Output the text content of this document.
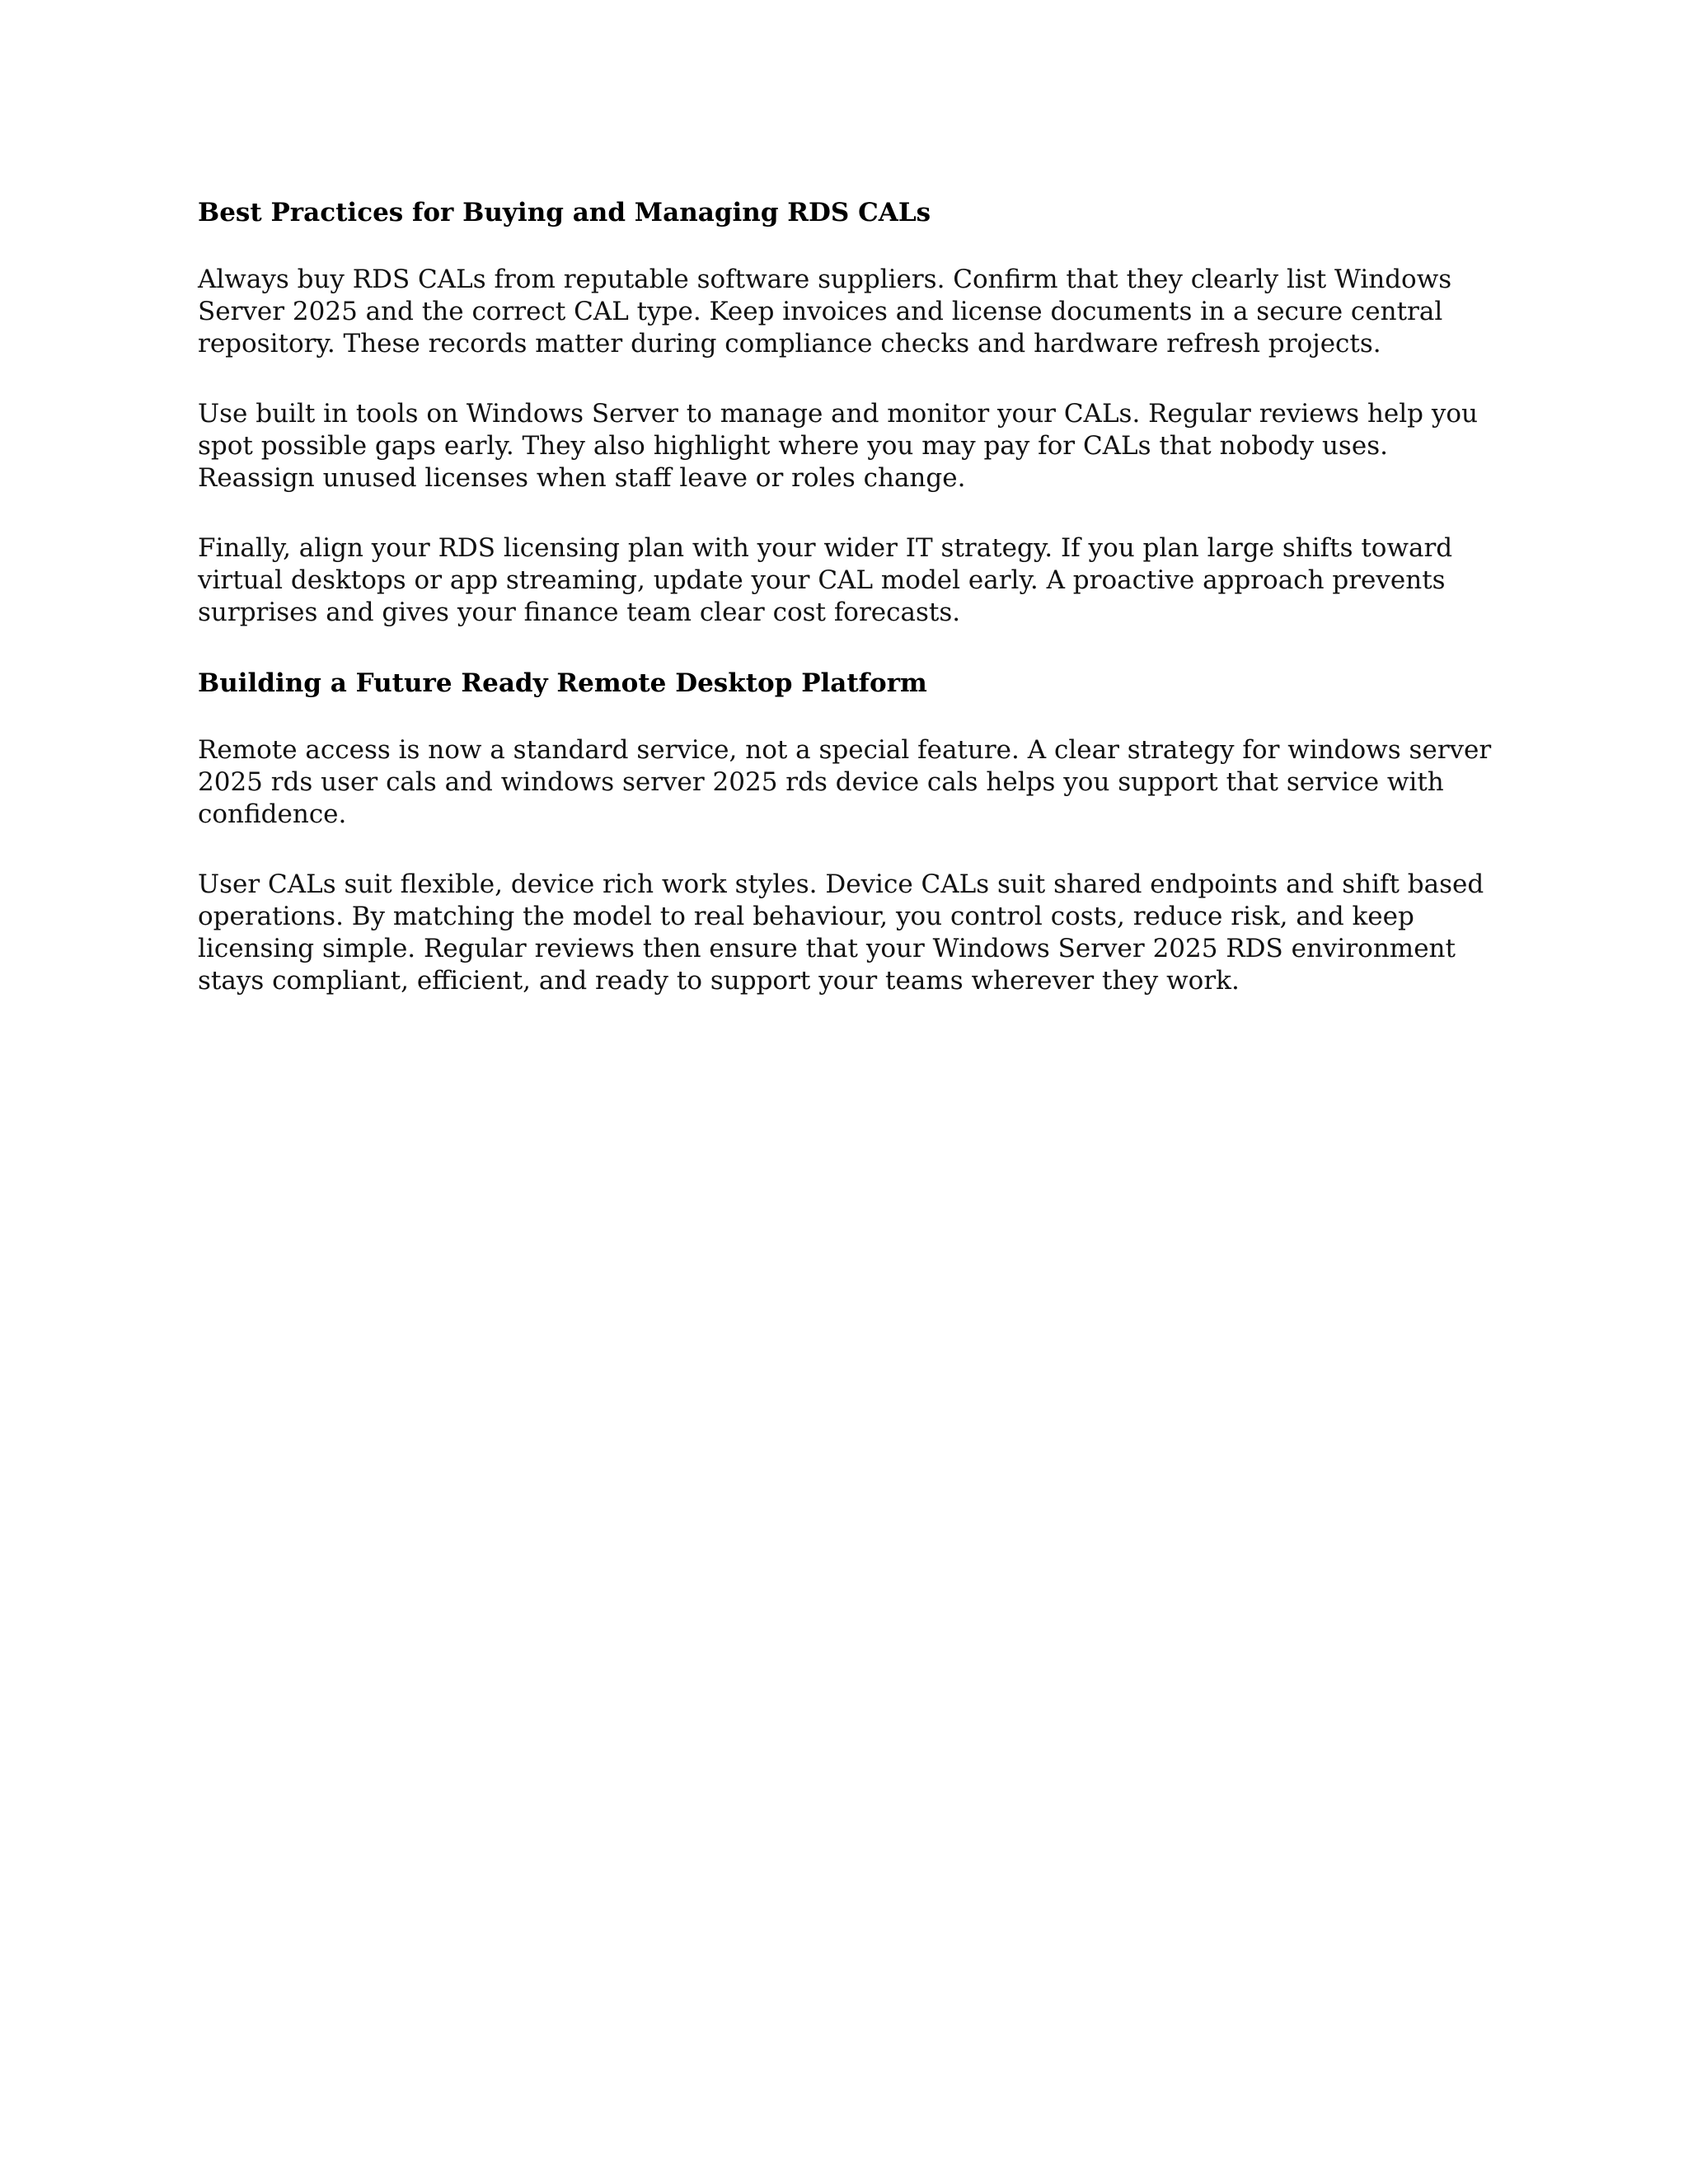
Best Practices for Buying and Managing RDS CALs

Always buy RDS CALs from reputable software suppliers. Confirm that they clearly list Windows Server 2025 and the correct CAL type. Keep invoices and license documents in a secure central repository. These records matter during compliance checks and hardware refresh projects.

Use built in tools on Windows Server to manage and monitor your CALs. Regular reviews help you spot possible gaps early. They also highlight where you may pay for CALs that nobody uses. Reassign unused licenses when staff leave or roles change.

Finally, align your RDS licensing plan with your wider IT strategy. If you plan large shifts toward virtual desktops or app streaming, update your CAL model early. A proactive approach prevents surprises and gives your finance team clear cost forecasts.

Building a Future Ready Remote Desktop Platform

Remote access is now a standard service, not a special feature. A clear strategy for windows server 2025 rds user cals and windows server 2025 rds device cals helps you support that service with confidence.

User CALs suit flexible, device rich work styles. Device CALs suit shared endpoints and shift based operations. By matching the model to real behaviour, you control costs, reduce risk, and keep licensing simple. Regular reviews then ensure that your Windows Server 2025 RDS environment stays compliant, efficient, and ready to support your teams wherever they work.
